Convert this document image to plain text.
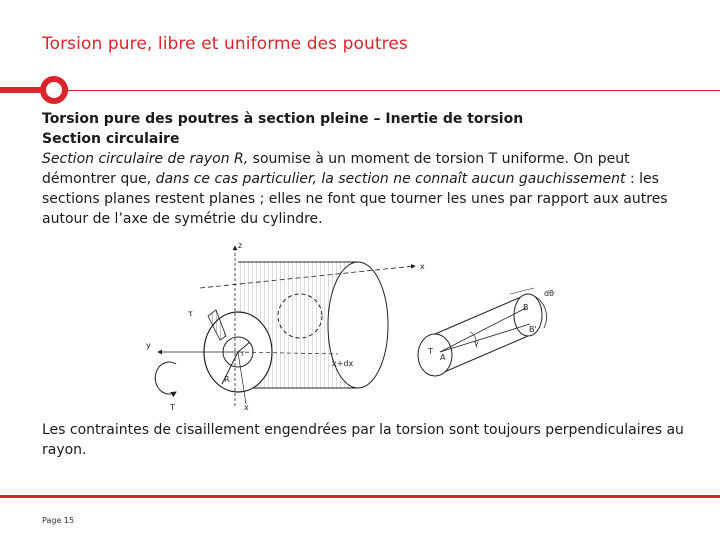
Torsion pure, libre et uniforme des poutres

Torsion pure des poutres à section pleine – Inertie de torsion

Section circulaire

Section circulaire de rayon R, soumise à un moment de torsion T uniforme. On peut démontrer que, dans ce cas particulier, la section ne connaît aucun gauchissement : les sections planes restent planes ; elles ne font que tourner les unes par rapport aux autres autour de l’axe de symétrie du cylindre.

z
x
y
τ
r
R
x+dx
x
T
dθ
B
B'
γ
A
T
Les contraintes de cisaillement engendrées par la torsion sont toujours perpendiculaires au rayon.
Page 15
